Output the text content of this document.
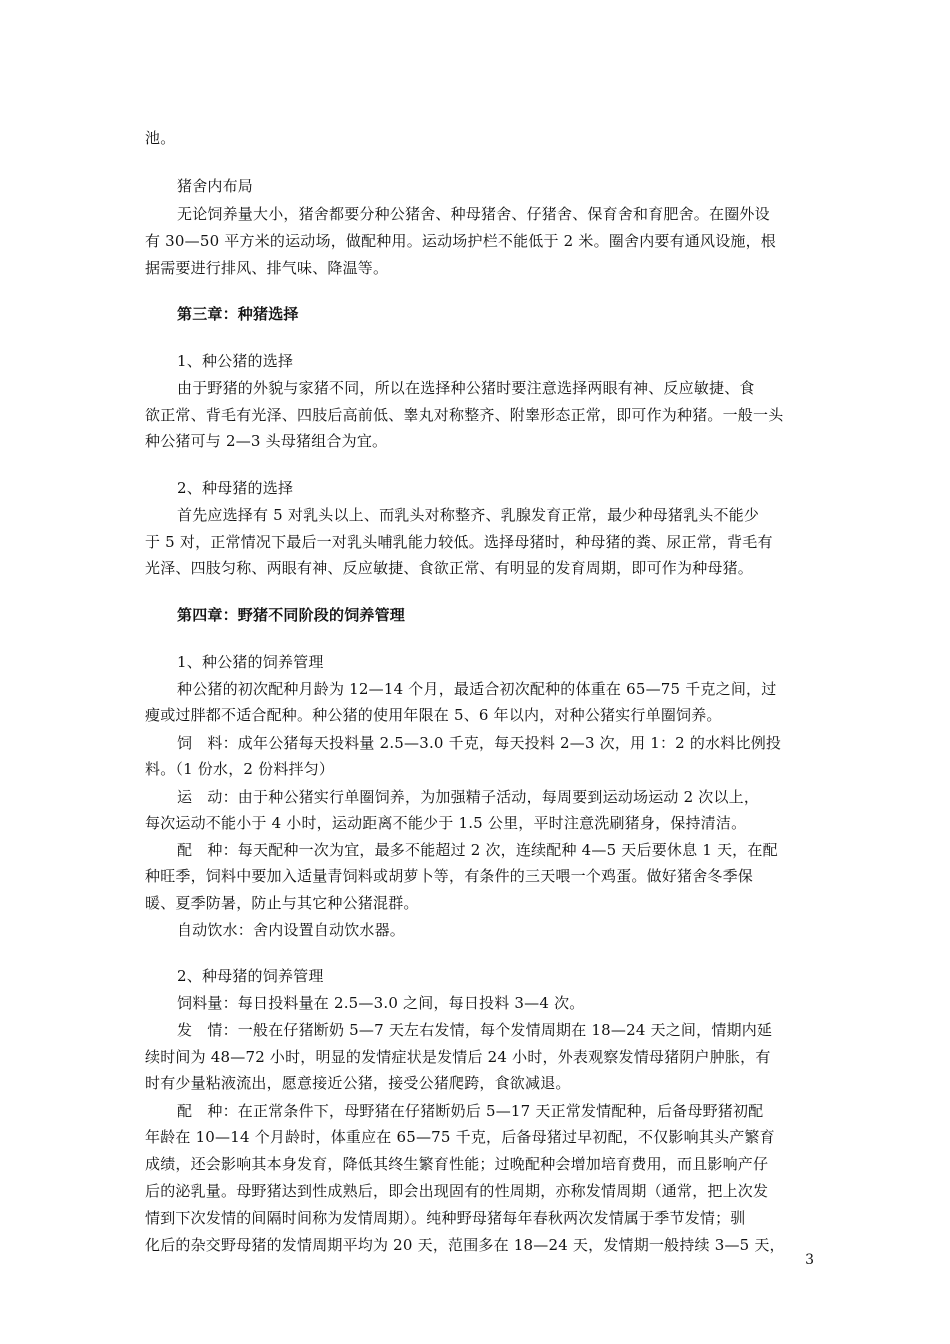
池。
猪舍内布局
无论饲养量大小，猪舍都要分种公猪舍、种母猪舍、仔猪舍、保育舍和育肥舍。在圈外设
有 30—50 平方米的运动场，做配种用。运动场护栏不能低于 2 米。圈舍内要有通风设施，根
据需要进行排风、排气味、降温等。
第三章：种猪选择
1、种公猪的选择
由于野猪的外貌与家猪不同，所以在选择种公猪时要注意选择两眼有神、反应敏捷、食
欲正常、背毛有光泽、四肢后高前低、睾丸对称整齐、附睾形态正常，即可作为种猪。一般一头
种公猪可与 2—3 头母猪组合为宜。
2、种母猪的选择
首先应选择有 5 对乳头以上、而乳头对称整齐、乳腺发育正常，最少种母猪乳头不能少
于 5 对，正常情况下最后一对乳头哺乳能力较低。选择母猪时，种母猪的粪、尿正常，背毛有
光泽、四肢匀称、两眼有神、反应敏捷、食欲正常、有明显的发育周期，即可作为种母猪。
第四章：野猪不同阶段的饲养管理
1、种公猪的饲养管理
种公猪的初次配种月龄为 12—14 个月，最适合初次配种的体重在 65—75 千克之间，过
瘦或过胖都不适合配种。种公猪的使用年限在 5、6 年以内，对种公猪实行单圈饲养。
饲　料：成年公猪每天投料量 2.5—3.0 千克，每天投料 2—3 次，用 1：2 的水料比例投
料。（1 份水，2 份料拌匀）
运　动：由于种公猪实行单圈饲养，为加强精子活动，每周要到运动场运动 2 次以上，
每次运动不能小于 4 小时，运动距离不能少于 1.5 公里，平时注意洗刷猪身，保持清洁。
配　种：每天配种一次为宜，最多不能超过 2 次，连续配种 4—5 天后要休息 1 天，在配
种旺季，饲料中要加入适量青饲料或胡萝卜等，有条件的三天喂一个鸡蛋。做好猪舍冬季保
暖、夏季防暑，防止与其它种公猪混群。
自动饮水：舍内设置自动饮水器。
2、种母猪的饲养管理
饲料量：每日投料量在 2.5—3.0 之间，每日投料 3—4 次。
发　情：一般在仔猪断奶 5—7 天左右发情，每个发情周期在 18—24 天之间，情期内延
续时间为 48—72 小时，明显的发情症状是发情后 24 小时，外表观察发情母猪阴户肿胀，有
时有少量粘液流出，愿意接近公猪，接受公猪爬跨，食欲减退。
配　种：在正常条件下，母野猪在仔猪断奶后 5—17 天正常发情配种，后备母野猪初配
年龄在 10—14 个月龄时，体重应在 65—75 千克，后备母猪过早初配，不仅影响其头产繁育
成绩，还会影响其本身发育，降低其终生繁育性能；过晚配种会增加培育费用，而且影响产仔
后的泌乳量。母野猪达到性成熟后，即会出现固有的性周期，亦称发情周期（通常，把上次发
情到下次发情的间隔时间称为发情周期）。纯种野母猪每年春秋两次发情属于季节发情；驯
化后的杂交野母猪的发情周期平均为 20 天，范围多在 18—24 天，发情期一般持续 3—5 天，
3
